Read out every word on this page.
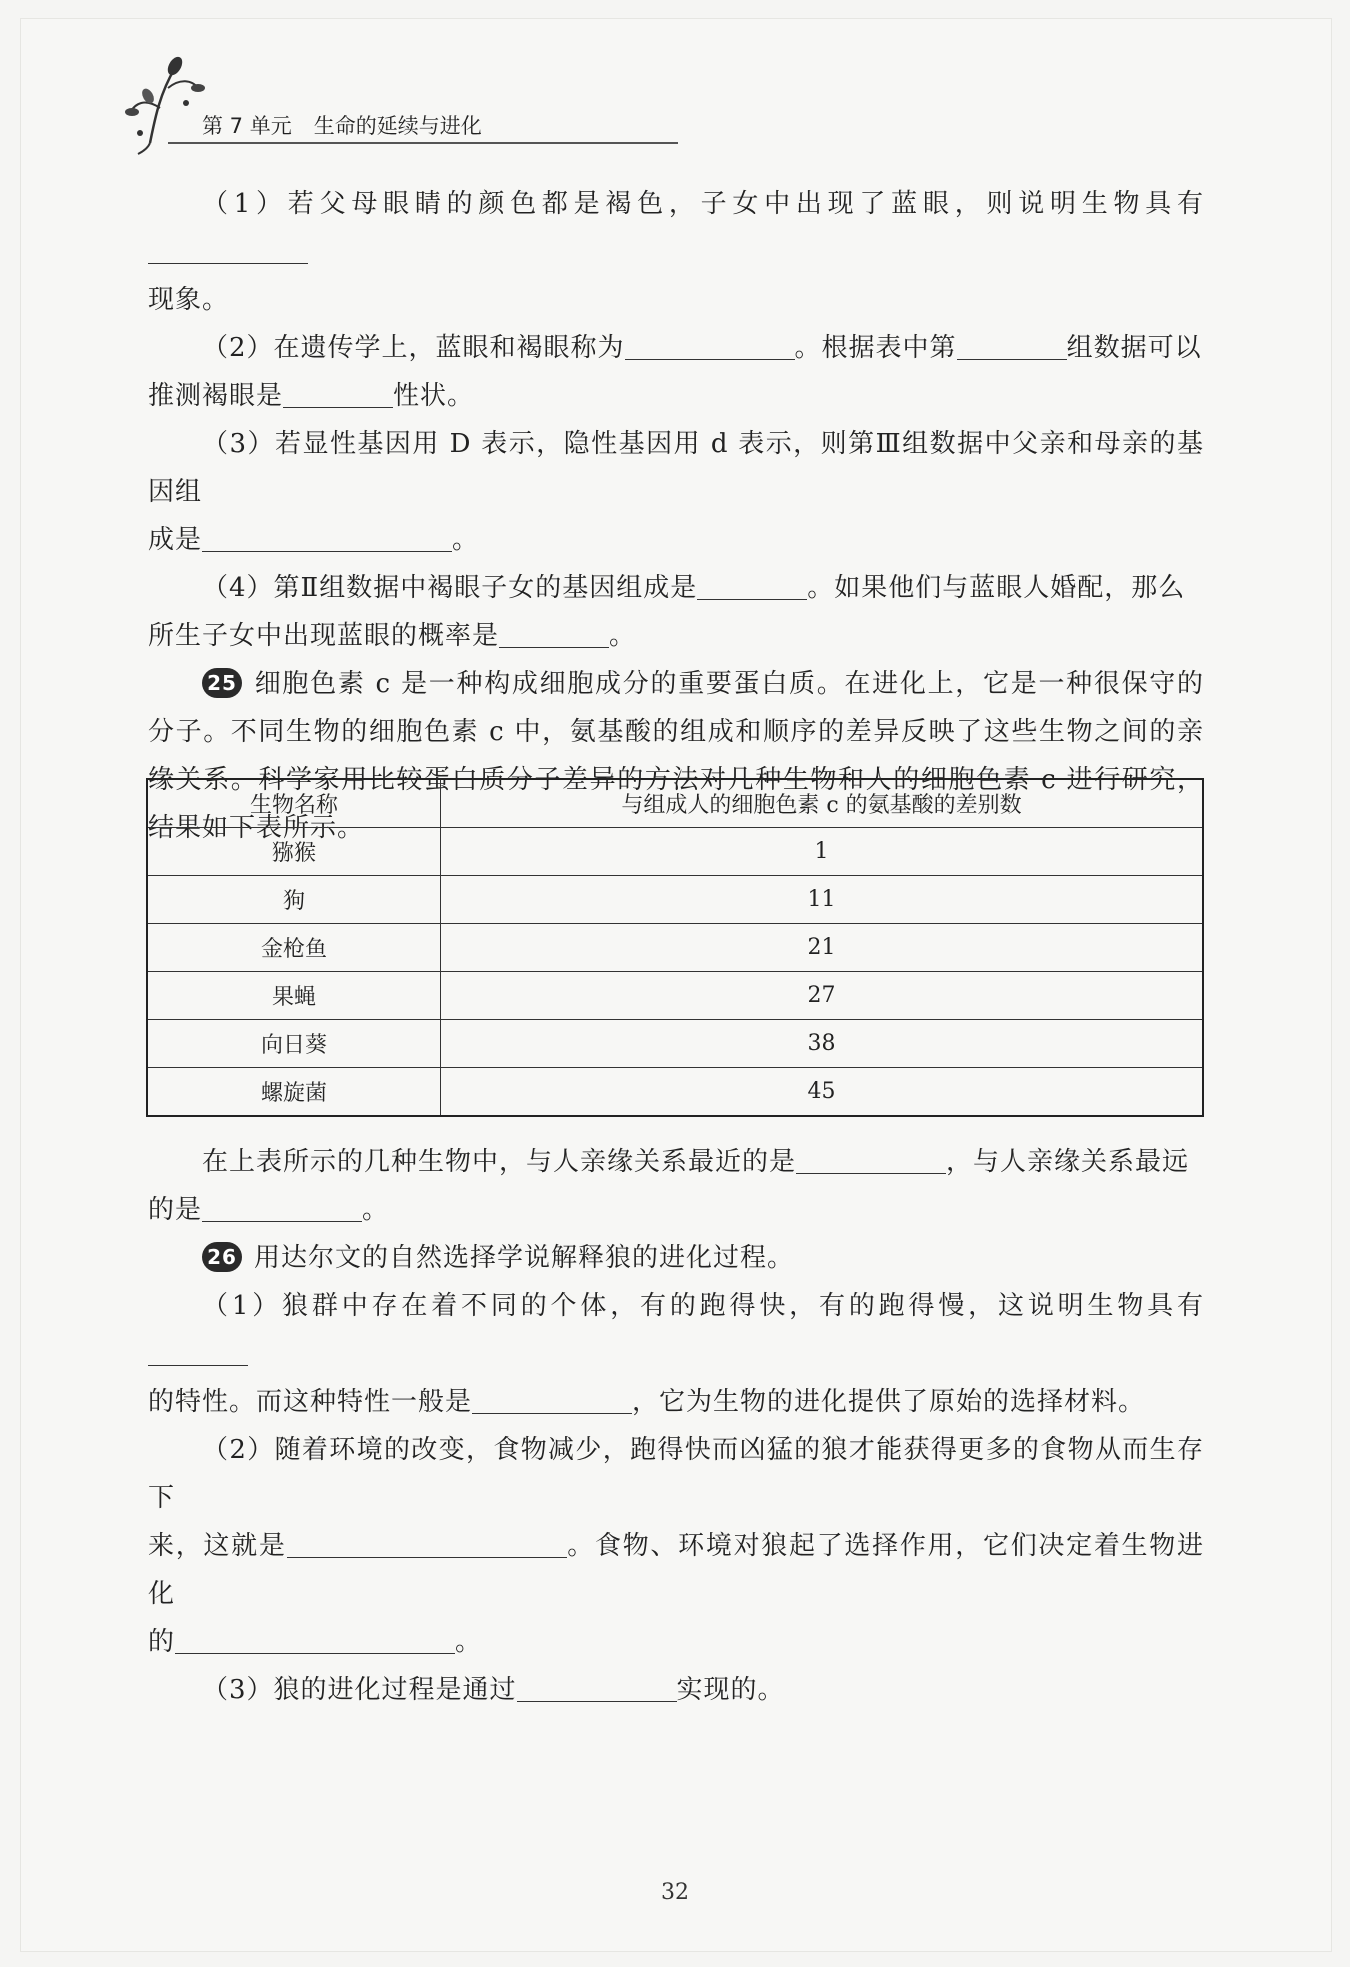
第 7 单元 生命的延续与进化

（1）若父母眼睛的颜色都是褐色，子女中出现了蓝眼，则说明生物具有

现象。

（2）在遗传学上，蓝眼和褐眼称为	。根据表中第	组数据可以

推测褐眼是	性状。

（3）若显性基因用 D 表示，隐性基因用 d 表示，则第Ⅲ组数据中父亲和母亲的基因组

成是	。

（4）第Ⅱ组数据中褐眼子女的基因组成是	。如果他们与蓝眼人婚配，那么

所生子女中出现蓝眼的概率是	。

25 细胞色素 c 是一种构成细胞成分的重要蛋白质。在进化上，它是一种很保守的分子。不同生物的细胞色素 c 中，氨基酸的组成和顺序的差异反映了这些生物之间的亲缘关系。科学家用比较蛋白质分子差异的方法对几种生物和人的细胞色素 c 进行研究，结果如下表所示。

生物名称	与组成人的细胞色素 c 的氨基酸的差别数
猕猴	1
狗	11
金枪鱼	21
果蝇	27
向日葵	38
螺旋菌	45

在上表所示的几种生物中，与人亲缘关系最近的是	，与人亲缘关系最远

的是	。

26 用达尔文的自然选择学说解释狼的进化过程。

（1）狼群中存在着不同的个体，有的跑得快，有的跑得慢，这说明生物具有

的特性。而这种特性一般是	，它为生物的进化提供了原始的选择材料。

（2）随着环境的改变，食物减少，跑得快而凶猛的狼才能获得更多的食物从而生存下

来，这就是	。食物、环境对狼起了选择作用，它们决定着生物进化

的	。

（3）狼的进化过程是通过	实现的。

32
